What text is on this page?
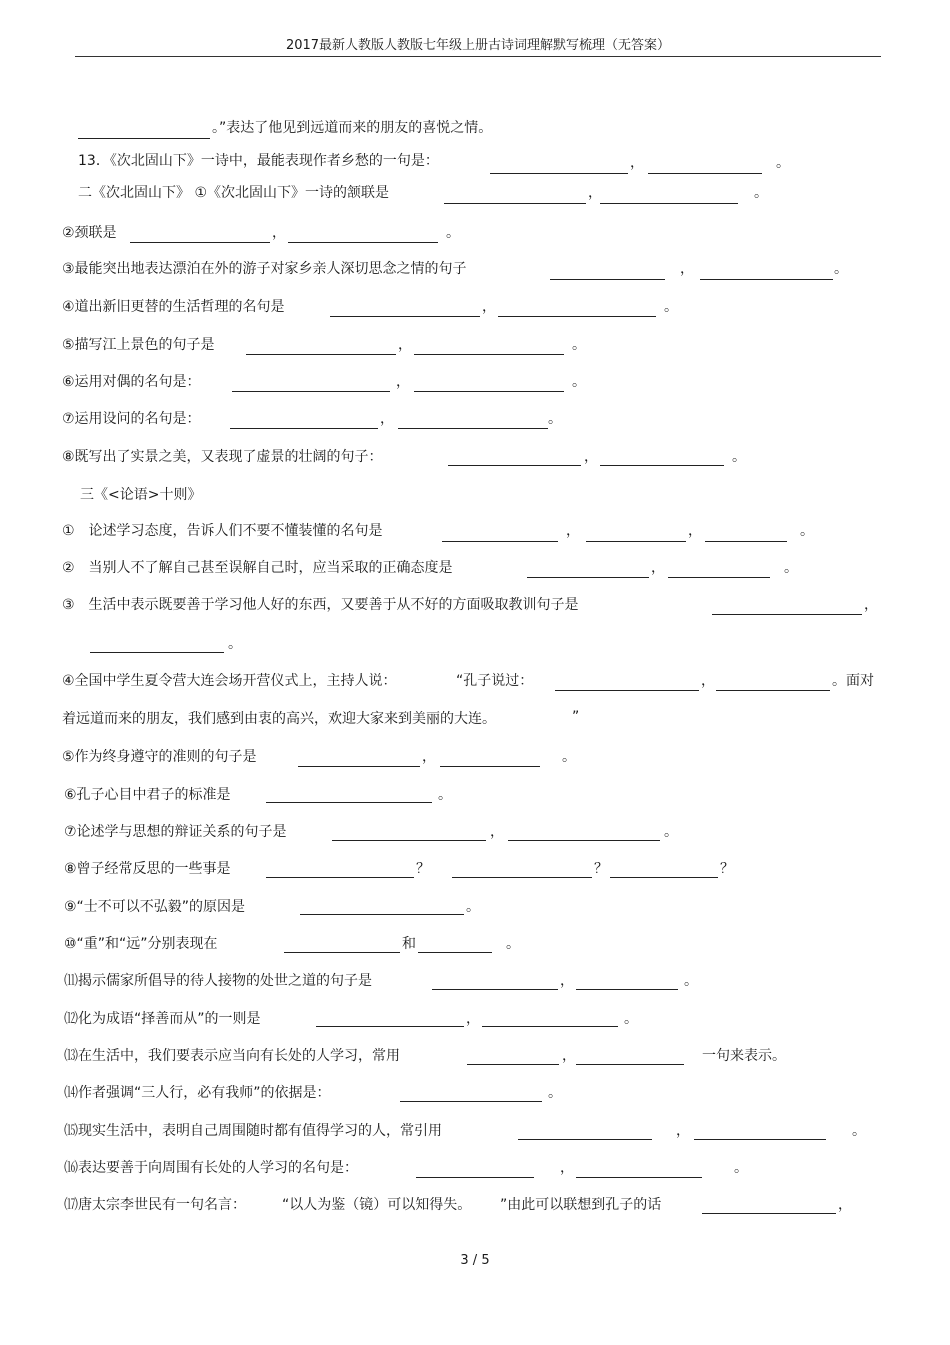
2017最新人教版人教版七年级上册古诗词理解默写梳理（无答案）
。”表达了他见到远道而来的朋友的喜悦之情。
13．《次北固山下》一诗中，最能表现作者乡愁的一句是：	，	。
二《次北固山下》 ①《次北固山下》一诗的颔联是	，	。
②颈联是	，	。
③最能突出地表达漂泊在外的游子对家乡亲人深切思念之情的句子	，	。
④道出新旧更替的生活哲理的名句是	，	。
⑤描写江上景色的句子是	，	。
⑥运用对偶的名句是：	，	。
⑦运用设问的名句是：	，	。
⑧既写出了实景之美，又表现了虚景的壮阔的句子：	，	。
三《<论语>十则》
①　论述学习态度，告诉人们不要不懂装懂的名句是	，	，	。
②　当别人不了解自己甚至误解自己时，应当采取的正确态度是	，	。
③　生活中表示既要善于学习他人好的东西，又要善于从不好的方面吸取教训句子是	，
。
④全国中学生夏令营大连会场开营仪式上，主持人说：	“孔子说过：	，	。面对
着远道而来的朋友，我们感到由衷的高兴，欢迎大家来到美丽的大连。	”
⑤作为终身遵守的准则的句子是	，	。
⑥孔子心目中君子的标准是	。
⑦论述学与思想的辩证关系的句子是	，	。
⑧曾子经常反思的一些事是	？	？	？
⑨“士不可以不弘毅”的原因是	。
⑩“重”和“远”分别表现在	和	。
⑾揭示儒家所倡导的待人接物的处世之道的句子是	，	。
⑿化为成语“择善而从”的一则是	，	。
⒀在生活中，我们要表示应当向有长处的人学习，常用	，	一句来表示。
⒁作者强调“三人行，必有我师”的依据是：	。
⒂现实生活中，表明自己周围随时都有值得学习的人，常引用	，	。
⒃表达要善于向周围有长处的人学习的名句是：	，	。
⒄唐太宗李世民有一句名言：	“以人为鉴（镜）可以知得失。 ”由此可以联想到孔子的话	，
3 / 5
